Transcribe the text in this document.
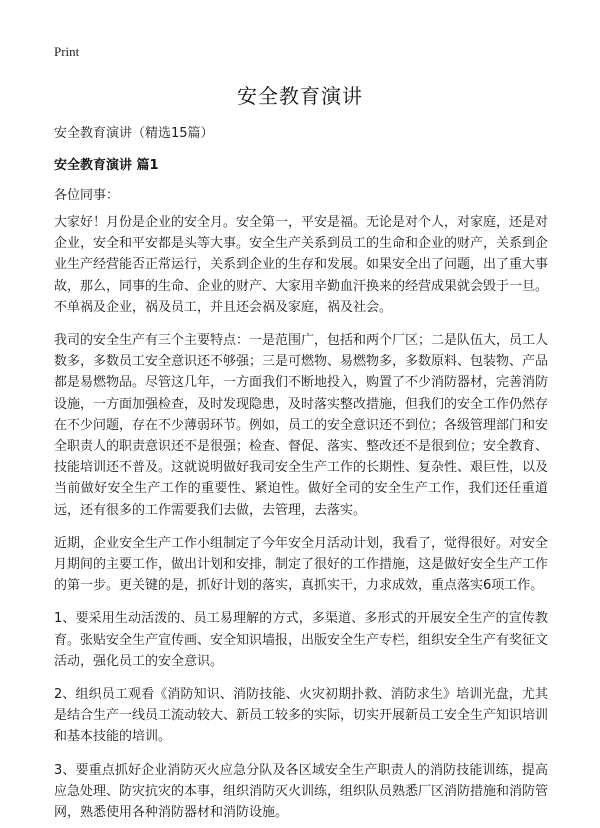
Print
安全教育演讲
安全教育演讲（精选15篇）
安全教育演讲 篇1
各位同事：

大家好！月份是企业的安全月。安全第一，平安是福。无论是对个人，对家庭，还是对企业，安全和平安都是头等大事。安全生产关系到员工的生命和企业的财产，关系到企业生产经营能否正常运行，关系到企业的生存和发展。如果安全出了问题，出了重大事故，那么，同事的生命、企业的财产、大家用辛勤血汗换来的经营成果就会毁于一旦。不单祸及企业，祸及员工，并且还会祸及家庭，祸及社会。

我司的安全生产有三个主要特点：一是范围广，包括和两个厂区；二是队伍大，员工人数多，多数员工安全意识还不够强；三是可燃物、易燃物多，多数原料、包装物、产品都是易燃物品。尽管这几年，一方面我们不断地投入，购置了不少消防器材，完善消防设施，一方面加强检查，及时发现隐患，及时落实整改措施，但我们的安全工作仍然存在不少问题，存在不少薄弱环节。例如，员工的安全意识还不到位；各级管理部门和安全职责人的职责意识还不是很强；检查、督促、落实、整改还不是很到位；安全教育、技能培训还不普及。这就说明做好我司安全生产工作的长期性、复杂性、艰巨性，以及当前做好安全生产工作的重要性、紧迫性。做好全司的安全生产工作，我们还任重道远，还有很多的工作需要我们去做，去管理，去落实。

近期，企业安全生产工作小组制定了今年安全月活动计划，我看了，觉得很好。对安全月期间的主要工作，做出计划和安排，制定了很好的工作措施，这是做好安全生产工作的第一步。更关键的是，抓好计划的落实，真抓实干，力求成效，重点落实6项工作。

1、要采用生动活泼的、员工易理解的方式，多渠道、多形式的开展安全生产的宣传教育。张贴安全生产宣传画、安全知识墙报，出版安全生产专栏，组织安全生产有奖征文活动，强化员工的安全意识。

2、组织员工观看《消防知识、消防技能、火灾初期扑救、消防求生》培训光盘，尤其是结合生产一线员工流动较大、新员工较多的实际，切实开展新员工安全生产知识培训和基本技能的培训。

3、要重点抓好企业消防灭火应急分队及各区域安全生产职责人的消防技能训练，提高应急处理、防灾抗灾的本事，组织消防灭火训练，组织队员熟悉厂区消防措施和消防管网，熟悉使用各种消防器材和消防设施。
